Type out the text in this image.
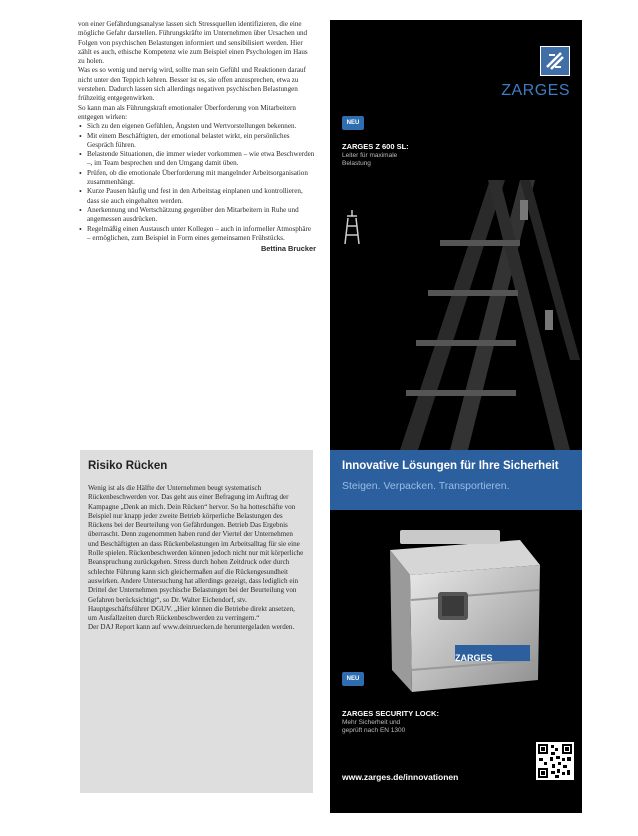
von einer Gefährdungsanalyse lassen sich Stressquellen identifizieren, die eine mögliche Gefahr darstellen. Führungskräfte im Unternehmen über Ursachen und Folgen von psychischen Belastungen informiert und sensibilisiert werden. Hier zählt es auch, ethische Kompetenz wie zum Beispiel einen Psychologen im Haus zu holen.

Was es so wenig und nervig wird, sollte man sein Gefühl und Reaktionen darauf nicht unter den Teppich kehren. Besser ist es, sie offen anzusprechen, etwa zu verstehen. Dadurch lassen sich allerdings negativen psychischen Belastungen frühzeitig entgegenwirken.

So kann man als Führungskraft emotionaler Überforderung von Mitarbeitern entgegen wirken:

• Sich zu den eigenen Gefühlen, Ängsten und Wertvorstellungen bekennen.
• Mit einem Beschäftigten, der emotional belastet wirkt, ein persönliches Gespräch führen.
• Belastende Situationen, die immer wieder vorkommen – wie etwa Beschwerden –, im Team besprechen und den Umgang damit üben.
• Prüfen, ob die emotionale Überforderung mit mangelnder Arbeitsorganisation zusammenhängt.
• Kurze Pausen häufig und fest in den Arbeitstag einplanen und kontrollieren, dass sie auch eingehalten werden.
• Anerkennung und Wertschätzung gegenüber den Mitarbeitern in Ruhe und angemessen ausdrücken.
• Regelmäßig einen Austausch unter Kollegen – auch in informeller Atmosphäre – ermöglichen, zum Beispiel in Form eines gemeinsamen Frühstücks.
Bettina Brucker
Risiko Rücken

Wenig ist als die Hälfte der Unternehmen beugt systematisch Rückenbeschwerden vor. Das geht aus einer Befragung im Auftrag der Kampagne „Denk an mich. Dein Rücken“ hervor. So ha hotteschäfte von Beispiel nur knapp jeder zweite Betrieb körperliche Belastungen des Rückens bei der Beurteilung von Gefährdungen. Betrieb Das Ergebnis überrascht. Denn zugenommen haben rund der Viertel der Unternehmen und Beschäftigten an dass Rückenbelastungen im Arbeitsalltag für sie eine Rolle spielen. Rückenbeschwerden können jedoch nicht nur mit körperliche Beanspruchung zurückgehen. Stress durch hohen Zeitdruck oder durch schlechte Führung kann sich gleichermaßen auf die Rückengesundheit auswirken. Andere Untersuchung hat allerdings gezeigt, dass lediglich ein Drittel der Unternehmen psychische Belastungen bei der Beurteilung von Gefahren berücksichtigt“, so Dr. Walter Eichendorf, stv. Hauptgeschäftsführer DGUV. „Hier können die Betriebe direkt ansetzen, um Ausfallzeiten durch Rückenbeschwerden zu verringern.“

Der DAJ Report kann auf www.deinruecken.de heruntergeladen werden.

ZARGES
NEU
ZARGES Z 600 SL:
Leiter für maximale
Belastung
Innovative Lösungen für Ihre Sicherheit
Steigen. Verpacken. Transportieren.
ZARGES
NEU
ZARGES SECURITY LOCK:
Mehr Sicherheit und
geprüft nach EN 1300
www.zarges.de/innovationen
